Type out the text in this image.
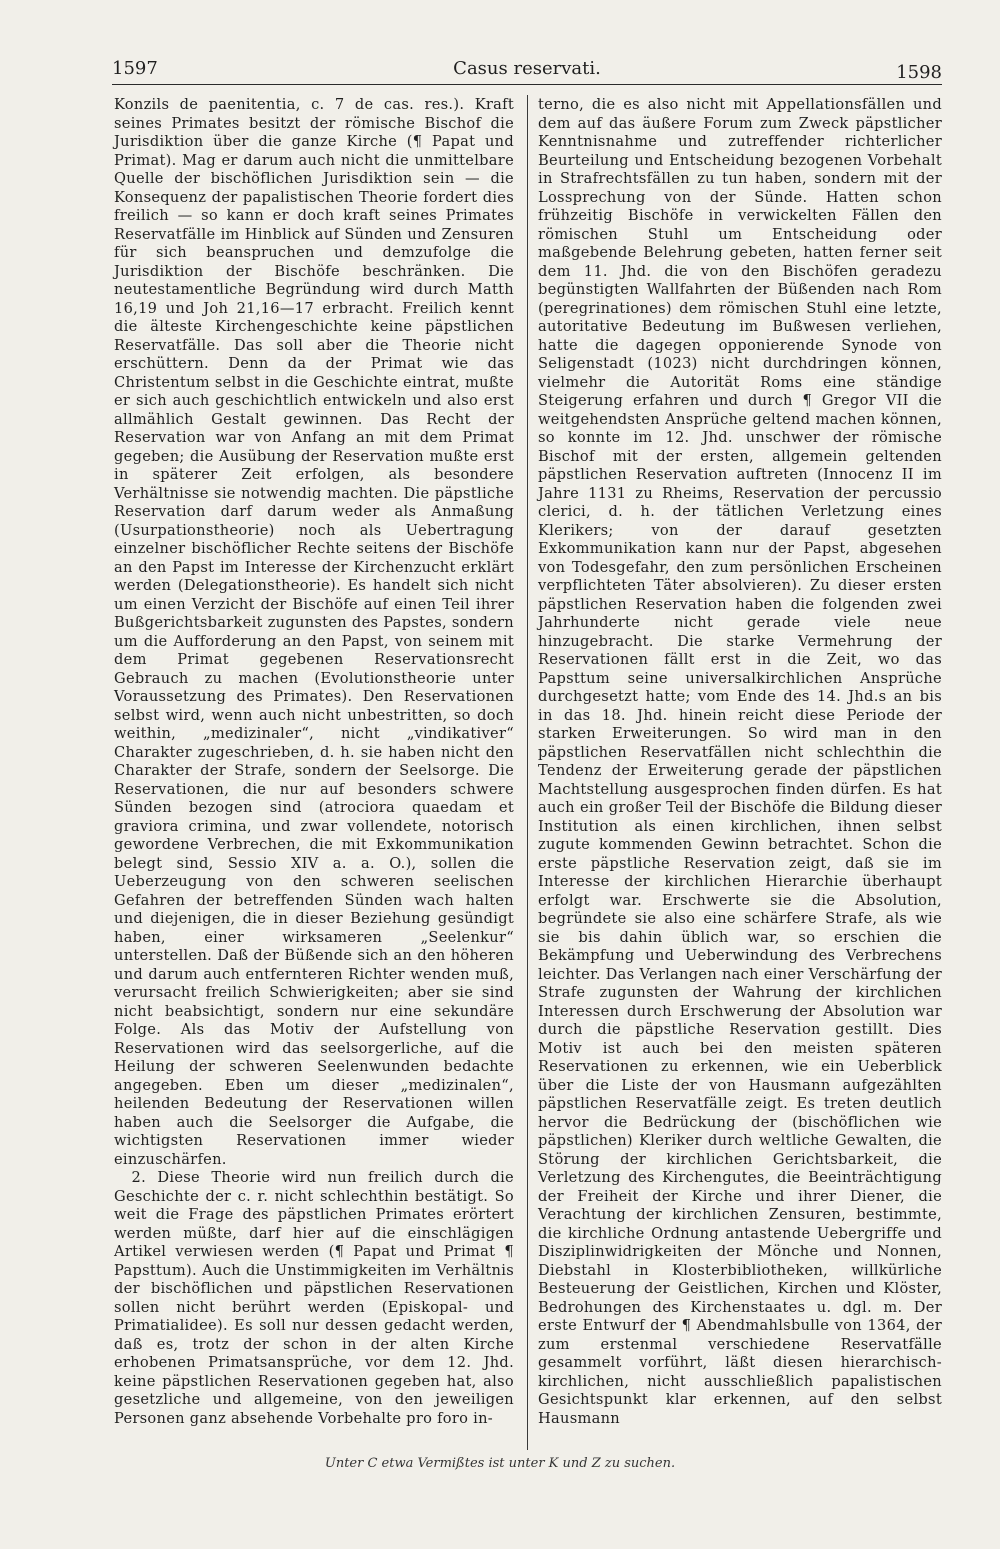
1597	Casus reservati.	1598

Konzils de paenitentia, c. 7 de cas. res.). Kraft seines Primates besitzt der römische Bischof die Jurisdiktion über die ganze Kirche (¶ Papat und Primat). Mag er darum auch nicht die unmittelbare Quelle der bischöflichen Jurisdiktion sein — die Konsequenz der papalistischen Theorie fordert dies freilich — so kann er doch kraft seines Primates Reservatfälle im Hinblick auf Sünden und Zensuren für sich beanspruchen und demzufolge die Jurisdiktion der Bischöfe beschränken. Die neutestamentliche Begründung wird durch Matth 16,19 und Joh 21,16—17 erbracht. Freilich kennt die älteste Kirchengeschichte keine päpstlichen Reservatfälle. Das soll aber die Theorie nicht erschüttern. Denn da der Primat wie das Christentum selbst in die Geschichte eintrat, mußte er sich auch geschichtlich entwickeln und also erst allmählich Gestalt gewinnen. Das Recht der Reservation war von Anfang an mit dem Primat gegeben; die Ausübung der Reservation mußte erst in späterer Zeit erfolgen, als besondere Verhältnisse sie notwendig machten. Die päpstliche Reservation darf darum weder als Anmaßung (Usurpationstheorie) noch als Uebertragung einzelner bischöflicher Rechte seitens der Bischöfe an den Papst im Interesse der Kirchenzucht erklärt werden (Delegationstheorie). Es handelt sich nicht um einen Verzicht der Bischöfe auf einen Teil ihrer Bußgerichtsbarkeit zugunsten des Papstes, sondern um die Aufforderung an den Papst, von seinem mit dem Primat gegebenen Reservationsrecht Gebrauch zu machen (Evolutionstheorie unter Voraussetzung des Primates). Den Reservationen selbst wird, wenn auch nicht unbestritten, so doch weithin, „medizinaler“, nicht „vindikativer“ Charakter zugeschrieben, d. h. sie haben nicht den Charakter der Strafe, sondern der Seelsorge. Die Reservationen, die nur auf besonders schwere Sünden bezogen sind (atrociora quaedam et graviora crimina, und zwar vollendete, notorisch gewordene Verbrechen, die mit Exkommunikation belegt sind, Sessio XIV a. a. O.), sollen die Ueberzeugung von den schweren seelischen Gefahren der betreffenden Sünden wach halten und diejenigen, die in dieser Beziehung gesündigt haben, einer wirksameren „Seelenkur“ unterstellen. Daß der Büßende sich an den höheren und darum auch entfernteren Richter wenden muß, verursacht freilich Schwierigkeiten; aber sie sind nicht beabsichtigt, sondern nur eine sekundäre Folge. Als das Motiv der Aufstellung von Reservationen wird das seelsorgerliche, auf die Heilung der schweren Seelenwunden bedachte angegeben. Eben um dieser „medizinalen“, heilenden Bedeutung der Reservationen willen haben auch die Seelsorger die Aufgabe, die wichtigsten Reservationen immer wieder einzuschärfen.

2. Diese Theorie wird nun freilich durch die Geschichte der c. r. nicht schlechthin bestätigt. So weit die Frage des päpstlichen Primates erörtert werden müßte, darf hier auf die einschlägigen Artikel verwiesen werden (¶ Papat und Primat ¶ Papsttum). Auch die Unstimmigkeiten im Verhältnis der bischöflichen und päpstlichen Reservationen sollen nicht berührt werden (Episkopal- und Primatialidee). Es soll nur dessen gedacht werden, daß es, trotz der schon in der alten Kirche erhobenen Primatsansprüche, vor dem 12. Jhd. keine päpstlichen Reservationen gegeben hat, also gesetzliche und allgemeine, von den jeweiligen Personen ganz absehende Vorbehalte pro foro in-

terno, die es also nicht mit Appellationsfällen und dem auf das äußere Forum zum Zweck päpstlicher Kenntnisnahme und zutreffender richterlicher Beurteilung und Entscheidung bezogenen Vorbehalt in Strafrechtsfällen zu tun haben, sondern mit der Lossprechung von der Sünde. Hatten schon frühzeitig Bischöfe in verwickelten Fällen den römischen Stuhl um Entscheidung oder maßgebende Belehrung gebeten, hatten ferner seit dem 11. Jhd. die von den Bischöfen geradezu begünstigten Wallfahrten der Büßenden nach Rom (peregrinationes) dem römischen Stuhl eine letzte, autoritative Bedeutung im Bußwesen verliehen, hatte die dagegen opponierende Synode von Seligenstadt (1023) nicht durchdringen können, vielmehr die Autorität Roms eine ständige Steigerung erfahren und durch ¶ Gregor VII die weitgehendsten Ansprüche geltend machen können, so konnte im 12. Jhd. unschwer der römische Bischof mit der ersten, allgemein geltenden päpstlichen Reservation auftreten (Innocenz II im Jahre 1131 zu Rheims, Reservation der percussio clerici, d. h. der tätlichen Verletzung eines Klerikers; von der darauf gesetzten Exkommunikation kann nur der Papst, abgesehen von Todesgefahr, den zum persönlichen Erscheinen verpflichteten Täter absolvieren). Zu dieser ersten päpstlichen Reservation haben die folgenden zwei Jahrhunderte nicht gerade viele neue hinzugebracht. Die starke Vermehrung der Reservationen fällt erst in die Zeit, wo das Papsttum seine universalkirchlichen Ansprüche durchgesetzt hatte; vom Ende des 14. Jhd.s an bis in das 18. Jhd. hinein reicht diese Periode der starken Erweiterungen. So wird man in den päpstlichen Reservatfällen nicht schlechthin die Tendenz der Erweiterung gerade der päpstlichen Machtstellung ausgesprochen finden dürfen. Es hat auch ein großer Teil der Bischöfe die Bildung dieser Institution als einen kirchlichen, ihnen selbst zugute kommenden Gewinn betrachtet. Schon die erste päpstliche Reservation zeigt, daß sie im Interesse der kirchlichen Hierarchie überhaupt erfolgt war. Erschwerte sie die Absolution, begründete sie also eine schärfere Strafe, als wie sie bis dahin üblich war, so erschien die Bekämpfung und Ueberwindung des Verbrechens leichter. Das Verlangen nach einer Verschärfung der Strafe zugunsten der Wahrung der kirchlichen Interessen durch Erschwerung der Absolution war durch die päpstliche Reservation gestillt. Dies Motiv ist auch bei den meisten späteren Reservationen zu erkennen, wie ein Ueberblick über die Liste der von Hausmann aufgezählten päpstlichen Reservatfälle zeigt. Es treten deutlich hervor die Bedrückung der (bischöflichen wie päpstlichen) Kleriker durch weltliche Gewalten, die Störung der kirchlichen Gerichtsbarkeit, die Verletzung des Kirchengutes, die Beeinträchtigung der Freiheit der Kirche und ihrer Diener, die Verachtung der kirchlichen Zensuren, bestimmte, die kirchliche Ordnung antastende Uebergriffe und Disziplinwidrigkeiten der Mönche und Nonnen, Diebstahl in Klosterbibliotheken, willkürliche Besteuerung der Geistlichen, Kirchen und Klöster, Bedrohungen des Kirchenstaates u. dgl. m. Der erste Entwurf der ¶ Abendmahlsbulle von 1364, der zum erstenmal verschiedene Reservatfälle gesammelt vorführt, läßt diesen hierarchisch-kirchlichen, nicht ausschließlich papalistischen Gesichtspunkt klar erkennen, auf den selbst Hausmann

Unter C etwa Vermißtes ist unter K und Z zu suchen.
